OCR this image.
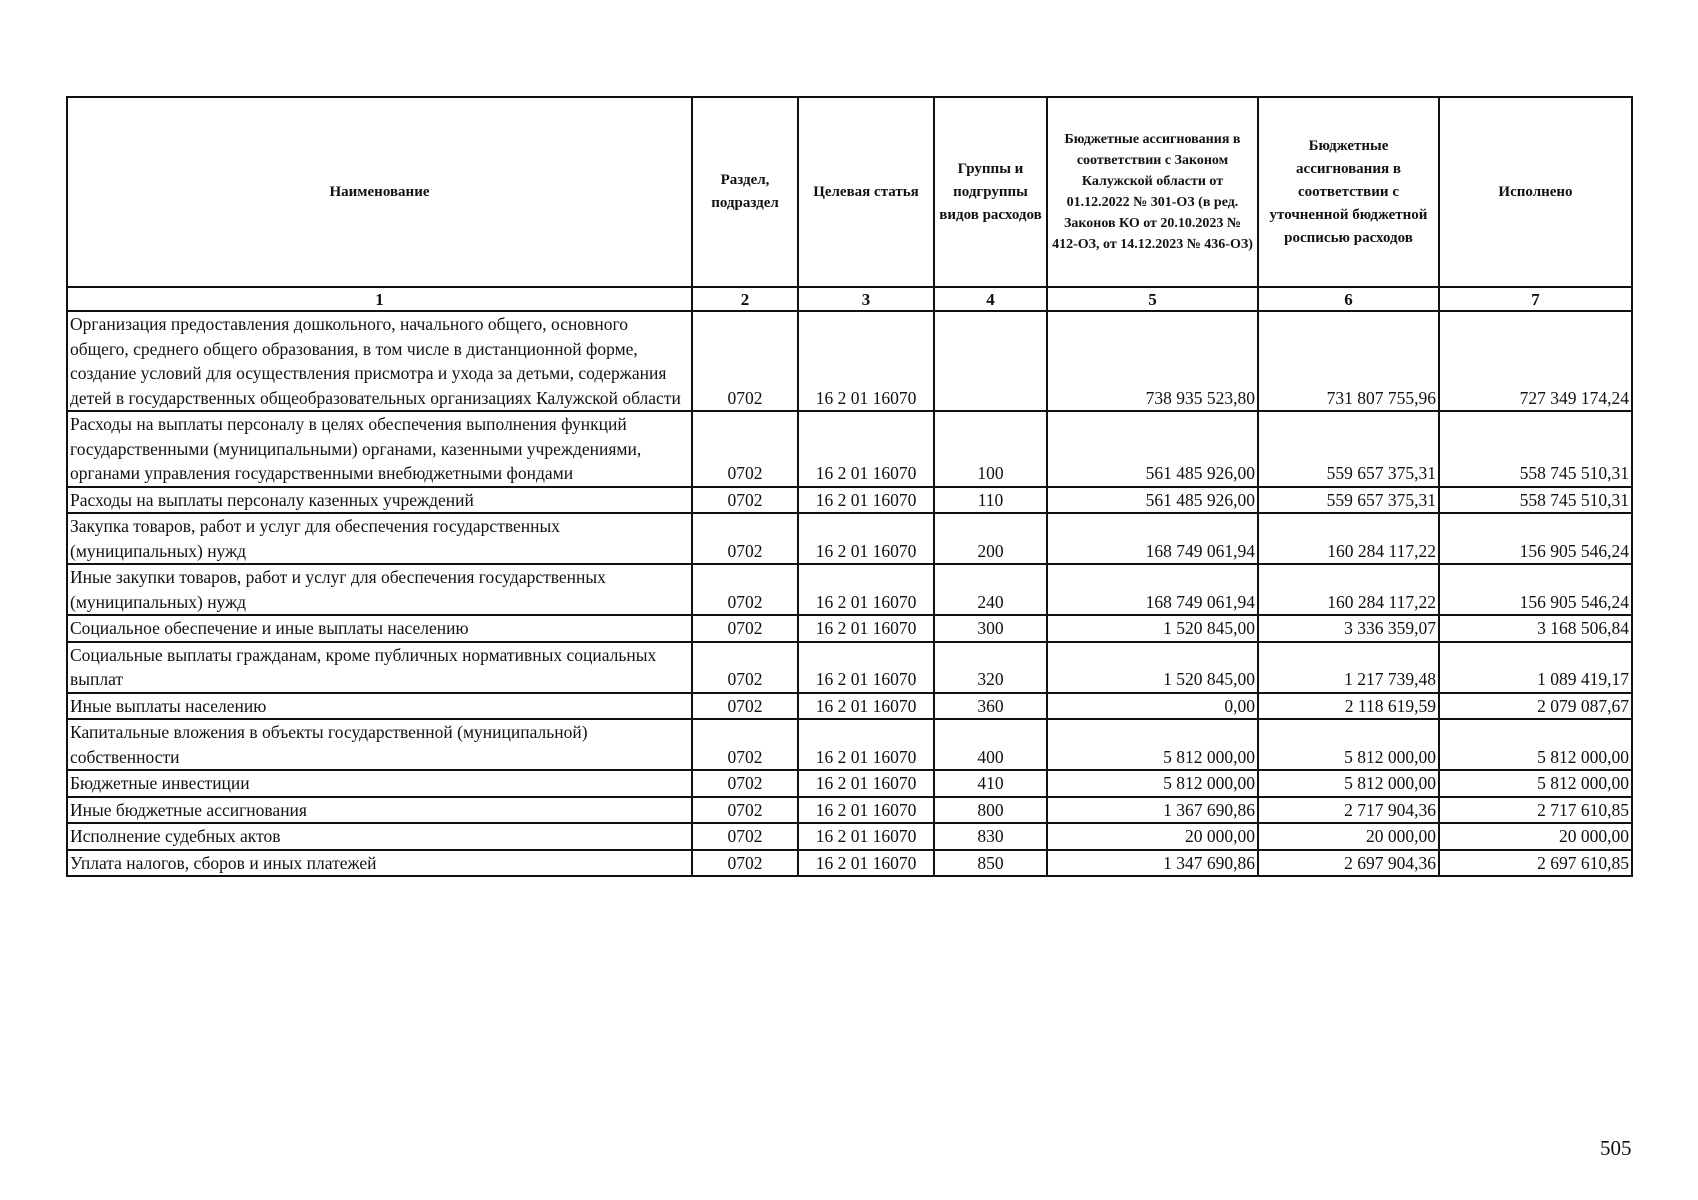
Наименование	Раздел, подраздел	Целевая статья	Группы и подгруппы видов расходов	Бюджетные ассигнования в соответствии с Законом Калужской области от 01.12.2022 № 301-ОЗ (в ред. Законов КО от 20.10.2023 № 412-ОЗ, от 14.12.2023 № 436-ОЗ)	Бюджетные ассигнования в соответствии с уточненной бюджетной росписью расходов	Исполнено
1	2	3	4	5	6	7
Организация предоставления дошкольного, начального общего, основного общего, среднего общего образования, в том числе в дистанционной форме, создание условий для осуществления присмотра и ухода за детьми, содержания детей в государственных общеобразовательных организациях Калужской области	0702	16 2 01 16070		738 935 523,80	731 807 755,96	727 349 174,24
Расходы на выплаты персоналу в целях обеспечения выполнения функций государственными (муниципальными) органами, казенными учреждениями, органами управления государственными внебюджетными фондами	0702	16 2 01 16070	100	561 485 926,00	559 657 375,31	558 745 510,31
Расходы на выплаты персоналу казенных учреждений	0702	16 2 01 16070	110	561 485 926,00	559 657 375,31	558 745 510,31
Закупка товаров, работ и услуг для обеспечения государственных (муниципальных) нужд	0702	16 2 01 16070	200	168 749 061,94	160 284 117,22	156 905 546,24
Иные закупки товаров, работ и услуг для обеспечения государственных (муниципальных) нужд	0702	16 2 01 16070	240	168 749 061,94	160 284 117,22	156 905 546,24
Социальное обеспечение и иные выплаты населению	0702	16 2 01 16070	300	1 520 845,00	3 336 359,07	3 168 506,84
Социальные выплаты гражданам, кроме публичных нормативных социальных выплат	0702	16 2 01 16070	320	1 520 845,00	1 217 739,48	1 089 419,17
Иные выплаты населению	0702	16 2 01 16070	360	0,00	2 118 619,59	2 079 087,67
Капитальные вложения в объекты государственной (муниципальной) собственности	0702	16 2 01 16070	400	5 812 000,00	5 812 000,00	5 812 000,00
Бюджетные инвестиции	0702	16 2 01 16070	410	5 812 000,00	5 812 000,00	5 812 000,00
Иные бюджетные ассигнования	0702	16 2 01 16070	800	1 367 690,86	2 717 904,36	2 717 610,85
Исполнение судебных актов	0702	16 2 01 16070	830	20 000,00	20 000,00	20 000,00
Уплата налогов, сборов и иных платежей	0702	16 2 01 16070	850	1 347 690,86	2 697 904,36	2 697 610,85
505
